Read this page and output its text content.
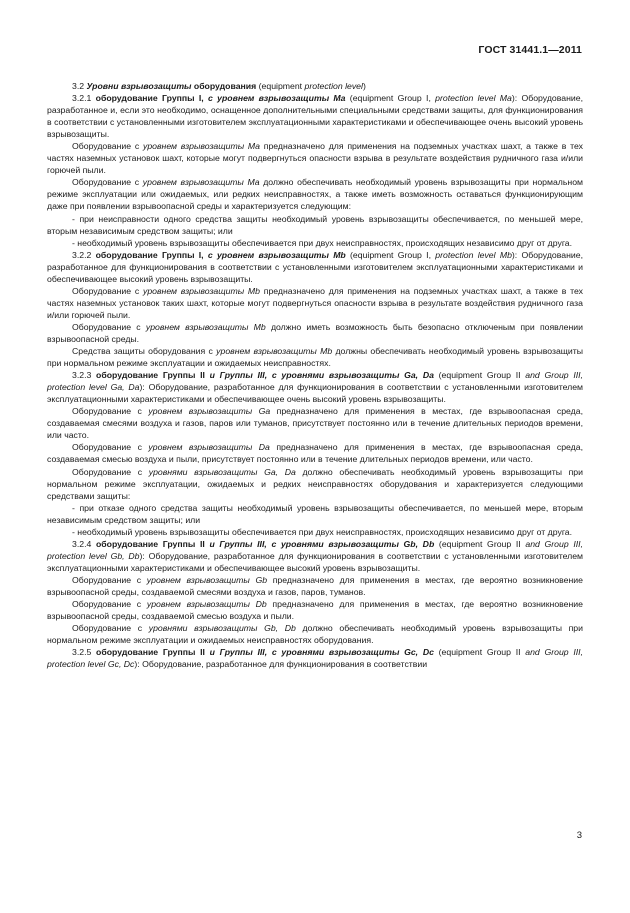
ГОСТ 31441.1—2011

3.2 Уровни взрывозащиты оборудования (equipment protection level)

3.2.1 оборудование Группы I, с уровнем взрывозащиты Ma (equipment Group I, protection level Ma): Оборудование, разработанное и, если это необходимо, оснащенное дополнительными специальными средствами защиты, для функционирования в соответствии с установленными изготовителем эксплуатационными характеристиками и обеспечивающее очень высокий уровень взрывозащиты.

Оборудование с уровнем взрывозащиты Ma предназначено для применения на подземных участках шахт, а также в тех частях наземных установок шахт, которые могут подвергнуться опасности взрыва в результате воздействия рудничного газа и/или горючей пыли.

Оборудование с уровнем взрывозащиты Ma должно обеспечивать необходимый уровень взрывозащиты при нормальном режиме эксплуатации или ожидаемых, или редких неисправностях, а также иметь возможность оставаться функционирующим даже при появлении взрывоопасной среды и характеризуется следующим:

- при неисправности одного средства защиты необходимый уровень взрывозащиты обеспечивается, по меньшей мере, вторым независимым средством защиты; или

- необходимый уровень взрывозащиты обеспечивается при двух неисправностях, происходящих независимо друг от друга.

3.2.2 оборудование Группы I, с уровнем взрывозащиты Mb (equipment Group I, protection level Mb): Оборудование, разработанное для функционирования в соответствии с установленными изготовителем эксплуатационными характеристиками и обеспечивающее высокий уровень взрывозащиты.

Оборудование с уровнем взрывозащиты Mb предназначено для применения на подземных участках шахт, а также в тех частях наземных установок таких шахт, которые могут подвергнуться опасности взрыва в результате воздействия рудничного газа и/или горючей пыли.

Оборудование с уровнем взрывозащиты Mb должно иметь возможность быть безопасно отключеным при появлении взрывоопасной среды.

Средства защиты оборудования с уровнем взрывозащиты Mb должны обеспечивать необходимый уровень взрывозащиты при нормальном режиме эксплуатации и ожидаемых неисправностях.

3.2.3 оборудование Группы II и Группы III, с уровнями взрывозащиты Ga, Da (equipment Group II and Group III, protection level Ga, Da): Оборудование, разработанное для функционирования в соответствии с установленными изготовителем эксплуатационными характеристиками и обеспечивающее очень высокий уровень взрывозащиты.

Оборудование с уровнем взрывозащиты Ga предназначено для применения в местах, где взрывоопасная среда, создаваемая смесями воздуха и газов, паров или туманов, присутствует постоянно или в течение длительных периодов времени, или часто.

Оборудование с уровнем взрывозащиты Da предназначено для применения в местах, где взрывоопасная среда, создаваемая смесью воздуха и пыли, присутствует постоянно или в течение длительных периодов времени, или часто.

Оборудование с уровнями взрывозащиты Ga, Da должно обеспечивать необходимый уровень взрывозащиты при нормальном режиме эксплуатации, ожидаемых и редких неисправностях оборудования и характеризуется следующими средствами защиты:

- при отказе одного средства защиты необходимый уровень взрывозащиты обеспечивается, по меньшей мере, вторым независимым средством защиты; или

- необходимый уровень взрывозащиты обеспечивается при двух неисправностях, происходящих независимо друг от друга.

3.2.4 оборудование Группы II и Группы III, с уровнями взрывозащиты Gb, Db (equipment Group II and Group III, protection level Gb, Db): Оборудование, разработанное для функционирования в соответствии с установленными изготовителем эксплуатационными характеристиками и обеспечивающее высокий уровень взрывозащиты.

Оборудование с уровнем взрывозащиты Gb предназначено для применения в местах, где вероятно возникновение взрывоопасной среды, создаваемой смесями воздуха и газов, паров, туманов.

Оборудование с уровнем взрывозащиты Db предназначено для применения в местах, где вероятно возникновение взрывоопасной среды, создаваемой смесью воздуха и пыли.

Оборудование с уровнями взрывозащиты Gb, Db должно обеспечивать необходимый уровень взрывозащиты при нормальном режиме эксплуатации и ожидаемых неисправностях оборудования.

3.2.5 оборудование Группы II и Группы III, с уровнями взрывозащиты Gc, Dc (equipment Group II and Group III, protection level Gc, Dc): Оборудование, разработанное для функционирования в соответствии

3
